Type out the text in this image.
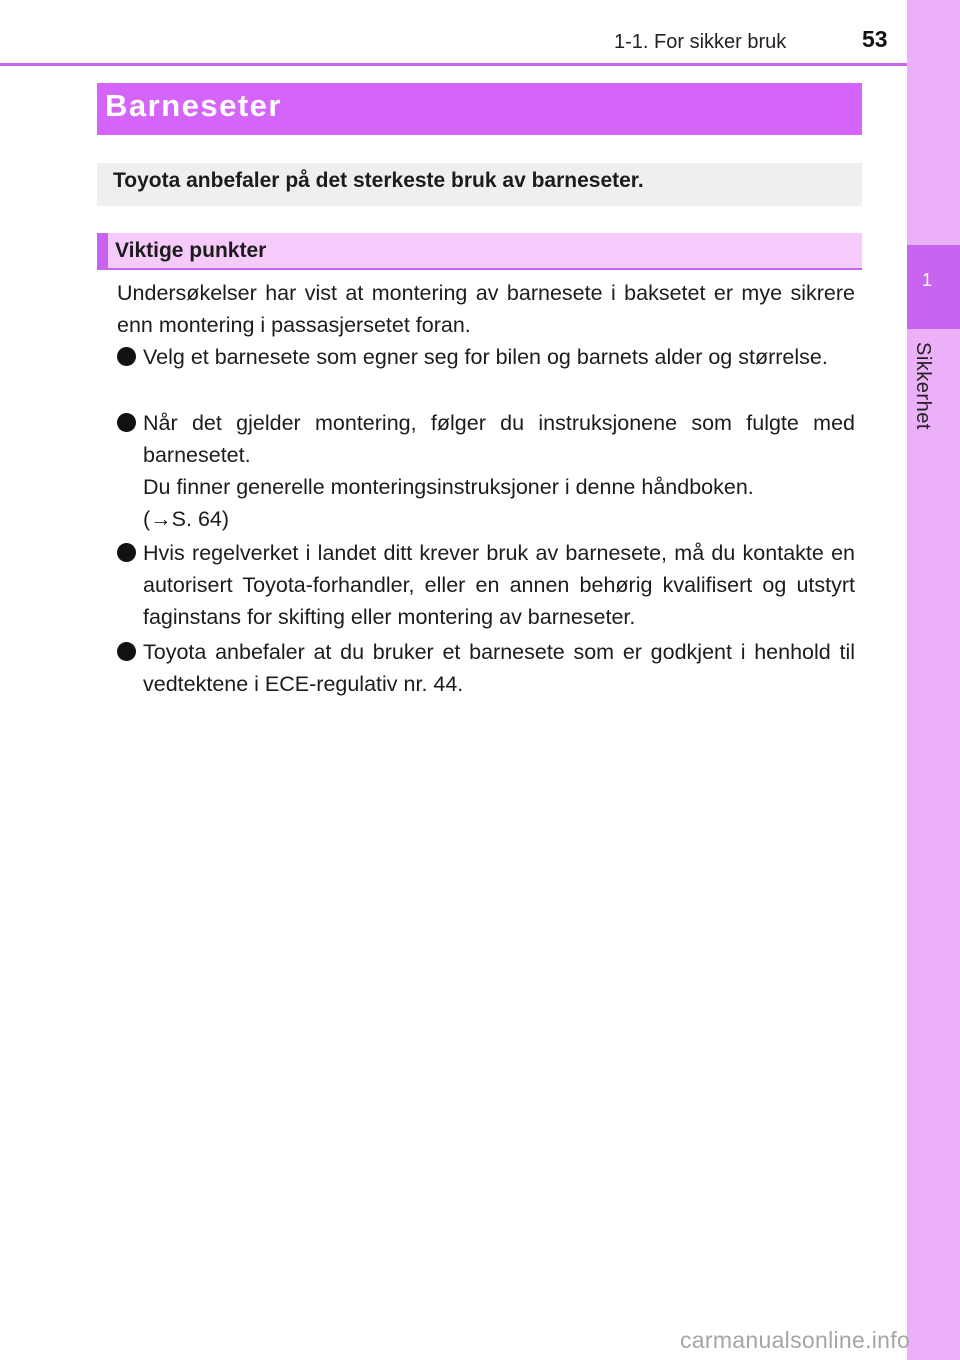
1
Sikkerhet
1-1. For sikker bruk	53
Barneseter
Toyota anbefaler på det sterkeste bruk av barneseter.
Viktige punkter
Undersøkelser har vist at montering av barnesete i baksetet er mye sikrere enn montering i passasjersetet foran.
Velg et barnesete som egner seg for bilen og barnets alder og størrelse.
Når det gjelder montering, følger du instruksjonene som fulgte med barnesetet.
Du finner generelle monteringsinstruksjoner i denne håndboken.
(→S. 64)
Hvis regelverket i landet ditt krever bruk av barnesete, må du kontakte en autorisert Toyota-forhandler, eller en annen behørig kvalifisert og utstyrt faginstans for skifting eller montering av barneseter.
Toyota anbefaler at du bruker et barnesete som er godkjent i henhold til vedtektene i ECE-regulativ nr. 44.
carmanualsonline.info
